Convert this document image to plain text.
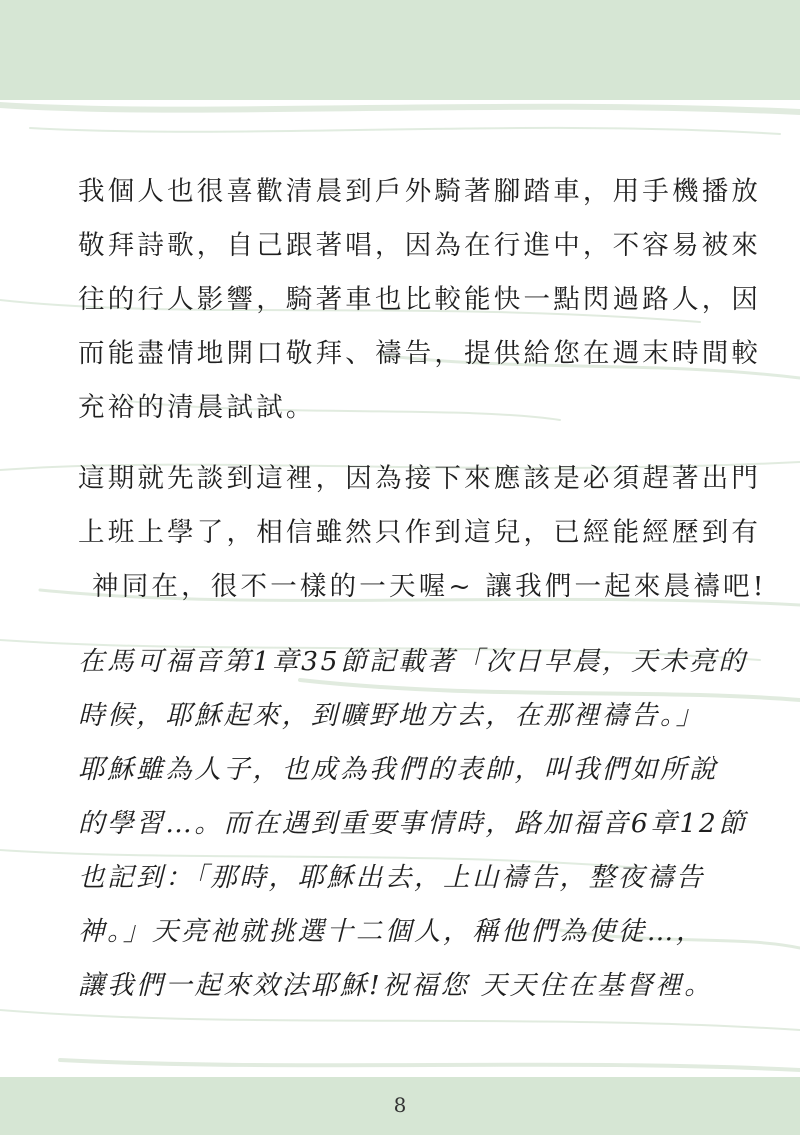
我個人也很喜歡清晨到戶外騎著腳踏車，用手機播放
敬拜詩歌，自己跟著唱，因為在行進中，不容易被來
往的行人影響，騎著車也比較能快一點閃過路人，因
而能盡情地開口敬拜、禱告，提供給您在週末時間較
充裕的清晨試試。
這期就先談到這裡，因為接下來應該是必須趕著出門
上班上學了，相信雖然只作到這兒，已經能經歷到有
神同在，很不一樣的一天喔~ 讓我們一起來晨禱吧!
在馬可福音第1章35節記載著「次日早晨，天未亮的
時候，耶穌起來，到曠野地方去，在那裡禱告。」
耶穌雖為人子，也成為我們的表帥，叫我們如所說
的學習…。而在遇到重要事情時，路加福音6章12節
也記到：「那時，耶穌出去，上山禱告，整夜禱告
神。」天亮祂就挑選十二個人，稱他們為使徒…，
讓我們一起來效法耶穌!祝福您 天天住在基督裡。
8
